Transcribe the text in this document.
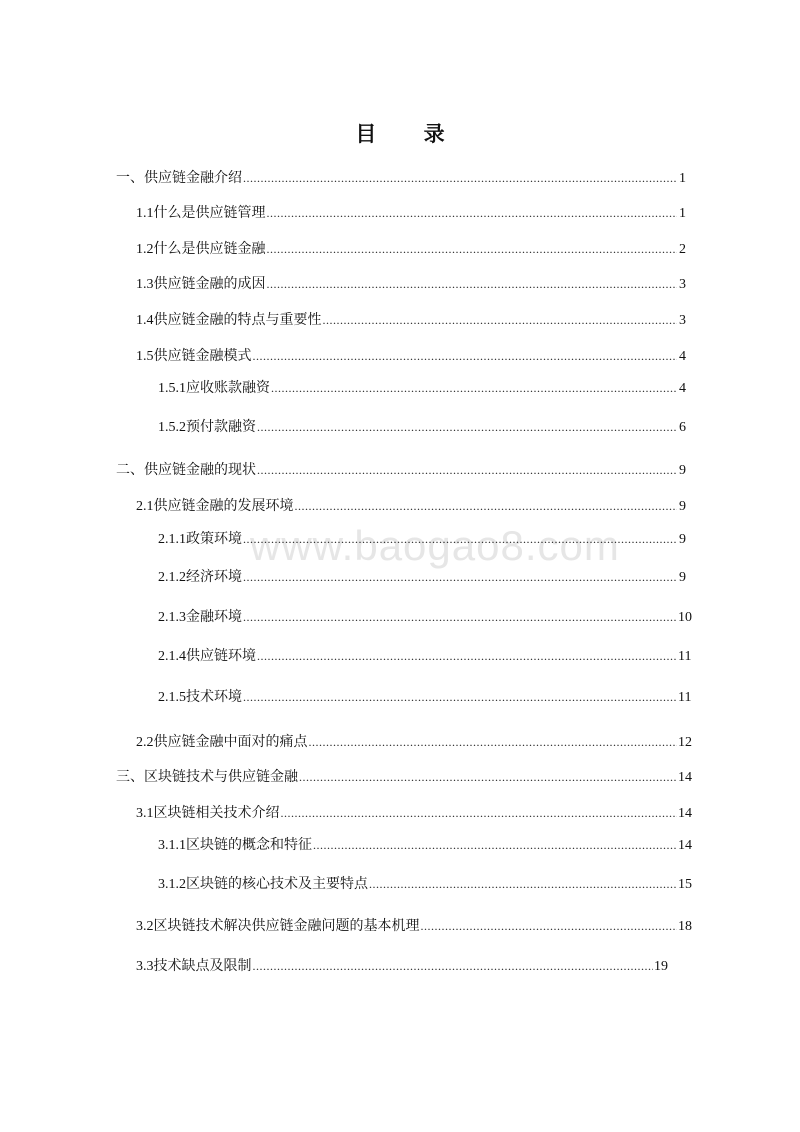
目 录
www.baogao8.com
一、供应链金融介绍 .....	1
1.1 什么是供应链管理 .....	1
1.2 什么是供应链金融 .....	2
1.3 供应链金融的成因 .....	3
1.4 供应链金融的特点与重要性 .....	3
1.5 供应链金融模式 .....	4
1.5.1 应收账款融资 .....	4
1.5.2 预付款融资 .....	6
二、供应链金融的现状 .....	9
2.1 供应链金融的发展环境 .....	9
2.1.1 政策环境 .....	9
2.1.2 经济环境 .....	9
2.1.3 金融环境 .....	10
2.1.4 供应链环境 .....	11
2.1.5 技术环境 .....	11
2.2 供应链金融中面对的痛点 .....	12
三、区块链技术与供应链金融 .....	14
3.1 区块链相关技术介绍 .....	14
3.1.1 区块链的概念和特征 .....	14
3.1.2 区块链的核心技术及主要特点 .....	15
3.2 区块链技术解决供应链金融问题的基本机理 .....	18
3.3 技术缺点及限制 .....	19
